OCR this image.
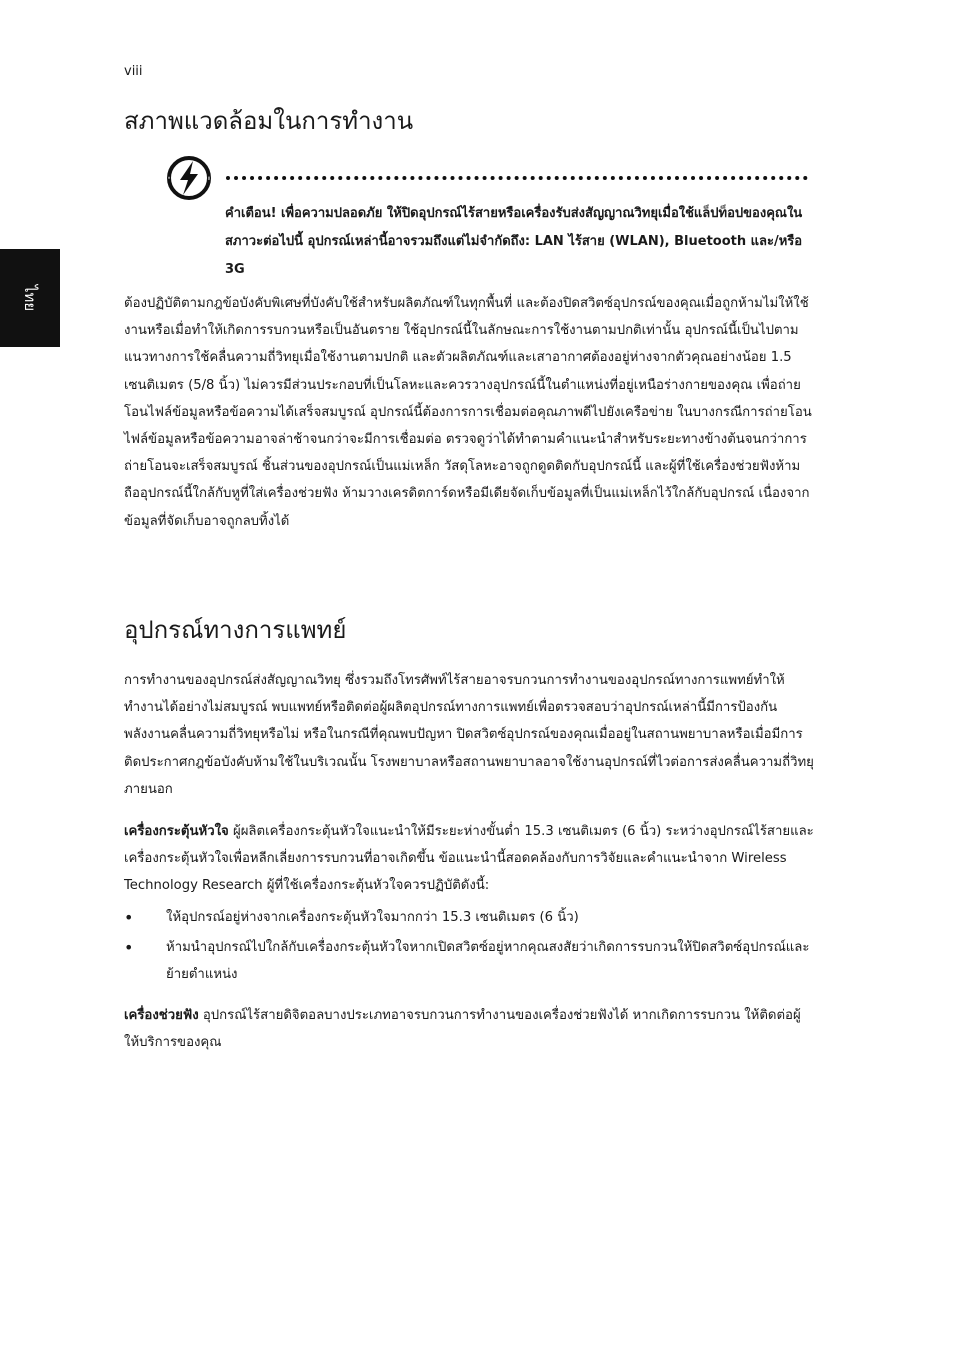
viii
ไทย
สภาพแวดล้อมในการทำงาน

คำเตือน! เพื่อความปลอดภัย ให้ปิดอุปกรณ์ไร้สายหรือเครื่องรับส่งสัญญาณวิทยุเมื่อใช้แล็ปท็อปของคุณในสภาวะต่อไปนี้ อุปกรณ์เหล่านี้อาจรวมถึงแต่ไม่จำกัดถึง: LAN ไร้สาย (WLAN), Bluetooth และ/หรือ 3G

ต้องปฏิบัติตามกฎข้อบังคับพิเศษที่บังคับใช้สำหรับผลิตภัณฑ์ในทุกพื้นที่ และต้องปิดสวิตซ์อุปกรณ์ของคุณเมื่อถูกห้ามไม่ให้ใช้งานหรือเมื่อทำให้เกิดการรบกวนหรือเป็นอันตราย ใช้อุปกรณ์นี้ในลักษณะการใช้งานตามปกติเท่านั้น อุปกรณ์นี้เป็นไปตามแนวทางการใช้คลื่นความถี่วิทยุเมื่อใช้งานตามปกติ และตัวผลิตภัณฑ์และเสาอากาศต้องอยู่ห่างจากตัวคุณอย่างน้อย 1.5 เซนติเมตร (5/8 นิ้ว) ไม่ควรมีส่วนประกอบที่เป็นโลหะและควรวางอุปกรณ์นี้ในตำแหน่งที่อยู่เหนือร่างกายของคุณ เพื่อถ่ายโอนไฟล์ข้อมูลหรือข้อความได้เสร็จสมบูรณ์ อุปกรณ์นี้ต้องการการเชื่อมต่อคุณภาพดีไปยังเครือข่าย ในบางกรณีการถ่ายโอนไฟล์ข้อมูลหรือข้อความอาจล่าช้าจนกว่าจะมีการเชื่อมต่อ ตรวจดูว่าได้ทำตามคำแนะนำสำหรับระยะทางข้างต้นจนกว่าการถ่ายโอนจะเสร็จสมบูรณ์ ชิ้นส่วนของอุปกรณ์เป็นแม่เหล็ก วัสดุโลหะอาจถูกดูดติดกับอุปกรณ์นี้ และผู้ที่ใช้เครื่องช่วยฟังห้ามถืออุปกรณ์นี้ใกล้กับหูที่ใส่เครื่องช่วยฟัง ห้ามวางเครดิตการ์ดหรือมีเดียจัดเก็บข้อมูลที่เป็นแม่เหล็กไว้ใกล้กับอุปกรณ์ เนื่องจากข้อมูลที่จัดเก็บอาจถูกลบทิ้งได้

อุปกรณ์ทางการแพทย์

การทำงานของอุปกรณ์ส่งสัญญาณวิทยุ ซึ่งรวมถึงโทรศัพท์ไร้สายอาจรบกวนการทำงานของอุปกรณ์ทางการแพทย์ทำให้ทำงานได้อย่างไม่สมบูรณ์ พบแพทย์หรือติดต่อผู้ผลิตอุปกรณ์ทางการแพทย์เพื่อตรวจสอบว่าอุปกรณ์เหล่านี้มีการป้องกันพลังงานคลื่นความถี่วิทยุหรือไม่ หรือในกรณีที่คุณพบปัญหา ปิดสวิตซ์อุปกรณ์ของคุณเมื่ออยู่ในสถานพยาบาลหรือเมื่อมีการติดประกาศกฎข้อบังคับห้ามใช้ในบริเวณนั้น โรงพยาบาลหรือสถานพยาบาลอาจใช้งานอุปกรณ์ที่ไวต่อการส่งคลื่นความถี่วิทยุภายนอก

เครื่องกระตุ้นหัวใจ ผู้ผลิตเครื่องกระตุ้นหัวใจแนะนำให้มีระยะห่างขั้นต่ำ 15.3 เซนติเมตร (6 นิ้ว) ระหว่างอุปกรณ์ไร้สายและเครื่องกระตุ้นหัวใจเพื่อหลีกเลี่ยงการรบกวนที่อาจเกิดขึ้น ข้อแนะนำนี้สอดคล้องกับการวิจัยและคำแนะนำจาก Wireless Technology Research ผู้ที่ใช้เครื่องกระตุ้นหัวใจควรปฏิบัติดังนี้:

• ให้อุปกรณ์อยู่ห่างจากเครื่องกระตุ้นหัวใจมากกว่า 15.3 เซนติเมตร (6 นิ้ว)
• ห้ามนำอุปกรณ์ไปใกล้กับเครื่องกระตุ้นหัวใจหากเปิดสวิตซ์อยู่หากคุณสงสัยว่าเกิดการรบกวนให้ปิดสวิตซ์อุปกรณ์และย้ายตำแหน่ง

เครื่องช่วยฟัง อุปกรณ์ไร้สายดิจิตอลบางประเภทอาจรบกวนการทำงานของเครื่องช่วยฟังได้ หากเกิดการรบกวน ให้ติดต่อผู้ให้บริการของคุณ
